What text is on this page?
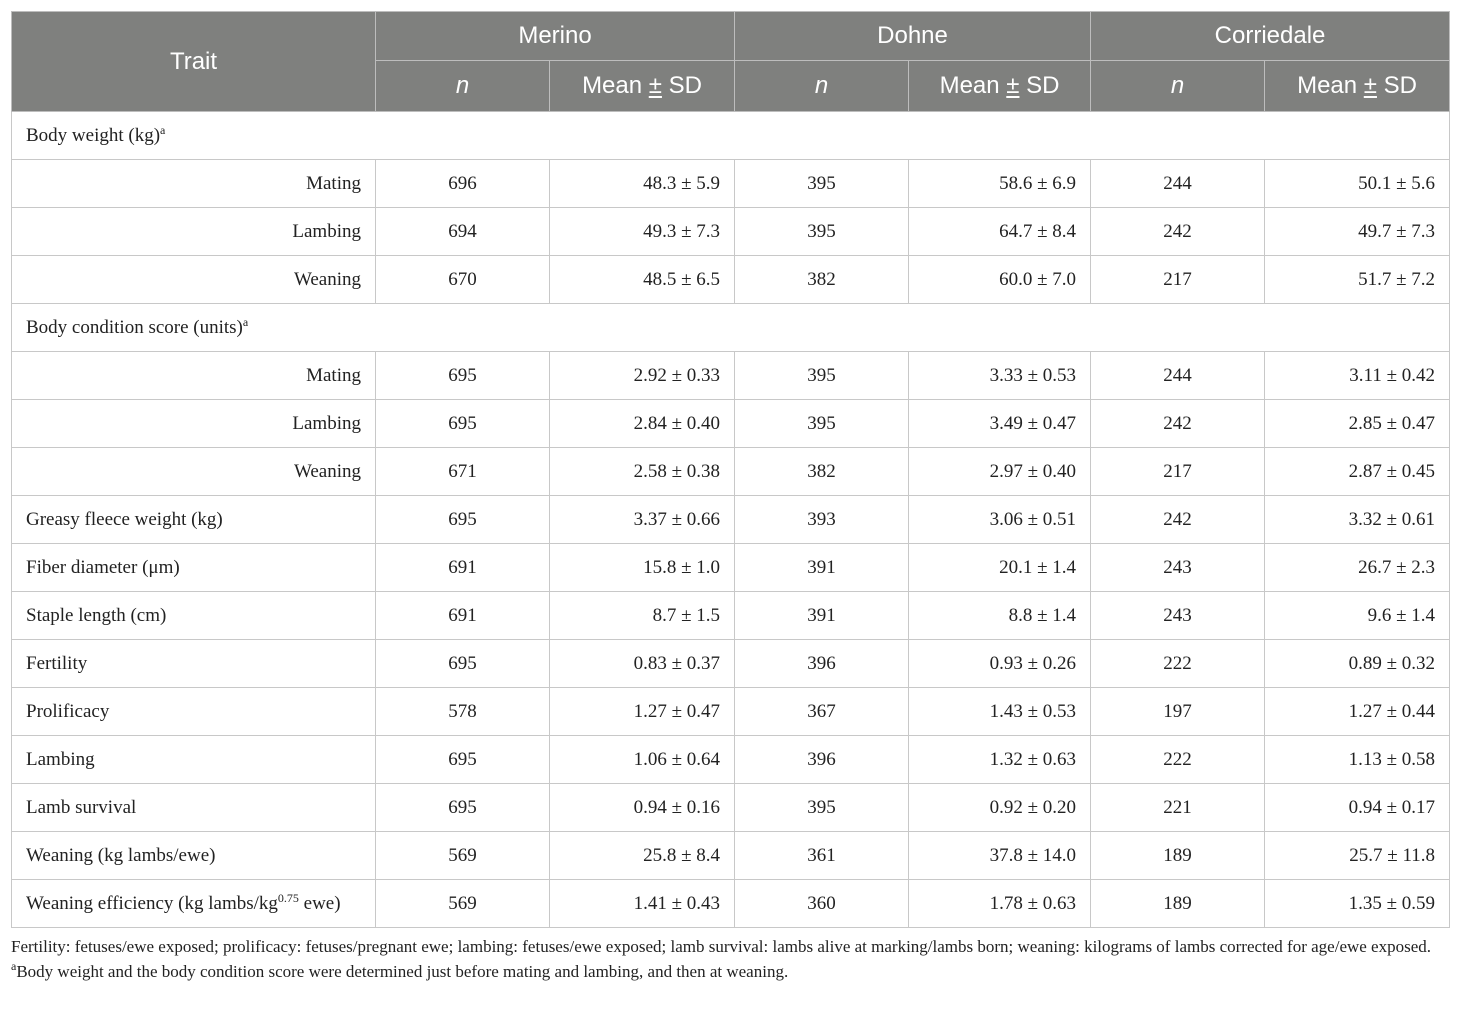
Trait	Merino		Dohne		Corriedale	
	n	Mean ± SD	n	Mean ± SD	n	Mean ± SD
Body weight (kg)$^a$
Mating	696	48.3 ± 5.9	395	58.6 ± 6.9	244	50.1 ± 5.6
Lambing	694	49.3 ± 7.3	395	64.7 ± 8.4	242	49.7 ± 7.3
Weaning	670	48.5 ± 6.5	382	60.0 ± 7.0	217	51.7 ± 7.2
Body condition score (units)$^a$
Mating	695	2.92 ± 0.33	395	3.33 ± 0.53	244	3.11 ± 0.42
Lambing	695	2.84 ± 0.40	395	3.49 ± 0.47	242	2.85 ± 0.47
Weaning	671	2.58 ± 0.38	382	2.97 ± 0.40	217	2.87 ± 0.45
Greasy fleece weight (kg)	695	3.37 ± 0.66	393	3.06 ± 0.51	242	3.32 ± 0.61
Fiber diameter (μm)	691	15.8 ± 1.0	391	20.1 ± 1.4	243	26.7 ± 2.3
Staple length (cm)	691	8.7 ± 1.5	391	8.8 ± 1.4	243	9.6 ± 1.4
Fertility	695	0.83 ± 0.37	396	0.93 ± 0.26	222	0.89 ± 0.32
Prolificacy	578	1.27 ± 0.47	367	1.43 ± 0.53	197	1.27 ± 0.44
Lambing	695	1.06 ± 0.64	396	1.32 ± 0.63	222	1.13 ± 0.58
Lamb survival	695	0.94 ± 0.16	395	0.92 ± 0.20	221	0.94 ± 0.17
Weaning (kg lambs/ewe)	569	25.8 ± 8.4	361	37.8 ± 14.0	189	25.7 ± 11.8
Weaning efficiency (kg lambs/$kg^{0.75}$ ewe)	569	1.41 ± 0.43	360	1.78 ± 0.63	189	1.35 ± 0.59

Fertility: fetuses/ewe exposed; prolificacy: fetuses/pregnant ewe; lambing: fetuses/ewe exposed; lamb survival: lambs alive at marking/lambs born; weaning: kilograms of lambs corrected for age/ewe exposed.

$^a$Body weight and the body condition score were determined just before mating and lambing, and then at weaning.
